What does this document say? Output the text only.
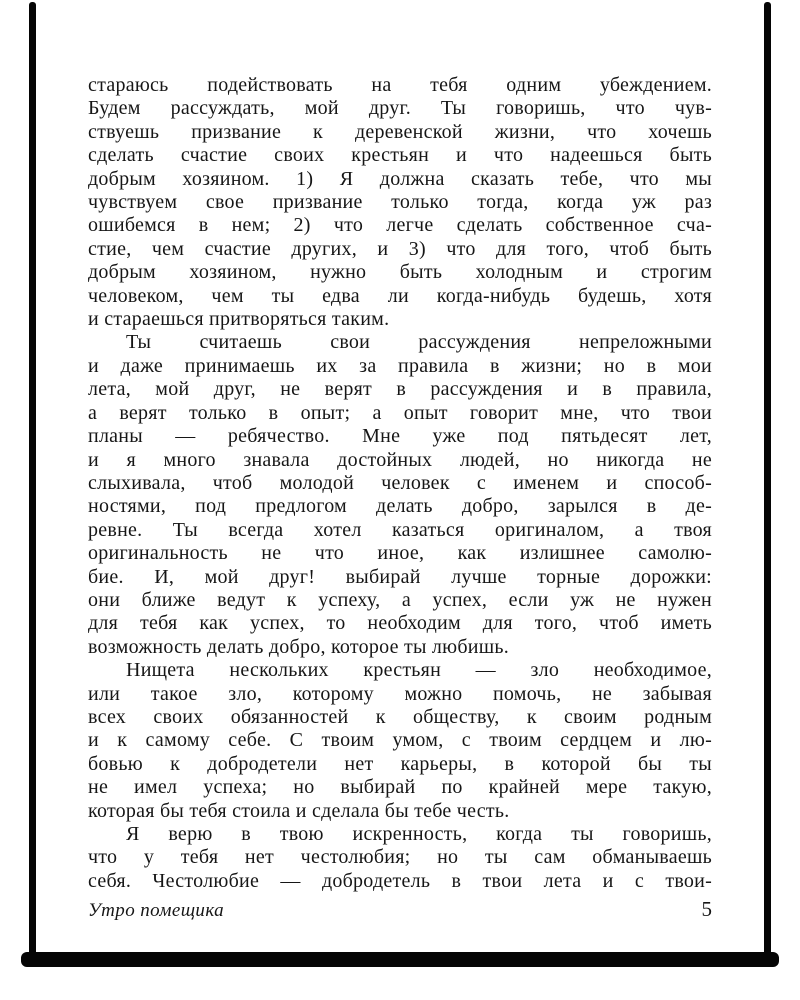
стараюсь подействовать на тебя одним убеждением.
Будем рассуждать, мой друг. Ты говоришь, что чув-
ствуешь призвание к деревенской жизни, что хочешь
сделать счастие своих крестьян и что надеешься быть
добрым хозяином. 1) Я должна сказать тебе, что мы
чувствуем свое призвание только тогда, когда уж раз
ошибемся в нем; 2) что легче сделать собственное сча-
стие, чем счастие других, и 3) что для того, чтоб быть
добрым хозяином, нужно быть холодным и строгим
человеком, чем ты едва ли когда-нибудь будешь, хотя
и стараешься притворяться таким.
Ты считаешь свои рассуждения непреложными
и даже принимаешь их за правила в жизни; но в мои
лета, мой друг, не верят в рассуждения и в правила,
а верят только в опыт; а опыт говорит мне, что твои
планы — ребячество. Мне уже под пятьдесят лет,
и я много знавала достойных людей, но никогда не
слыхивала, чтоб молодой человек с именем и способ-
ностями, под предлогом делать добро, зарылся в де-
ревне. Ты всегда хотел казаться оригиналом, а твоя
оригинальность не что иное, как излишнее самолю-
бие. И, мой друг! выбирай лучше торные дорожки:
они ближе ведут к успеху, а успех, если уж не нужен
для тебя как успех, то необходим для того, чтоб иметь
возможность делать добро, которое ты любишь.
Нищета нескольких крестьян — зло необходимое,
или такое зло, которому можно помочь, не забывая
всех своих обязанностей к обществу, к своим родным
и к самому себе. С твоим умом, с твоим сердцем и лю-
бовью к добродетели нет карьеры, в которой бы ты
не имел успеха; но выбирай по крайней мере такую,
которая бы тебя стоила и сделала бы тебе честь.
Я верю в твою искренность, когда ты говоришь,
что у тебя нет честолюбия; но ты сам обманываешь
себя. Честолюбие — добродетель в твои лета и с твои-
Утро помещика	5
